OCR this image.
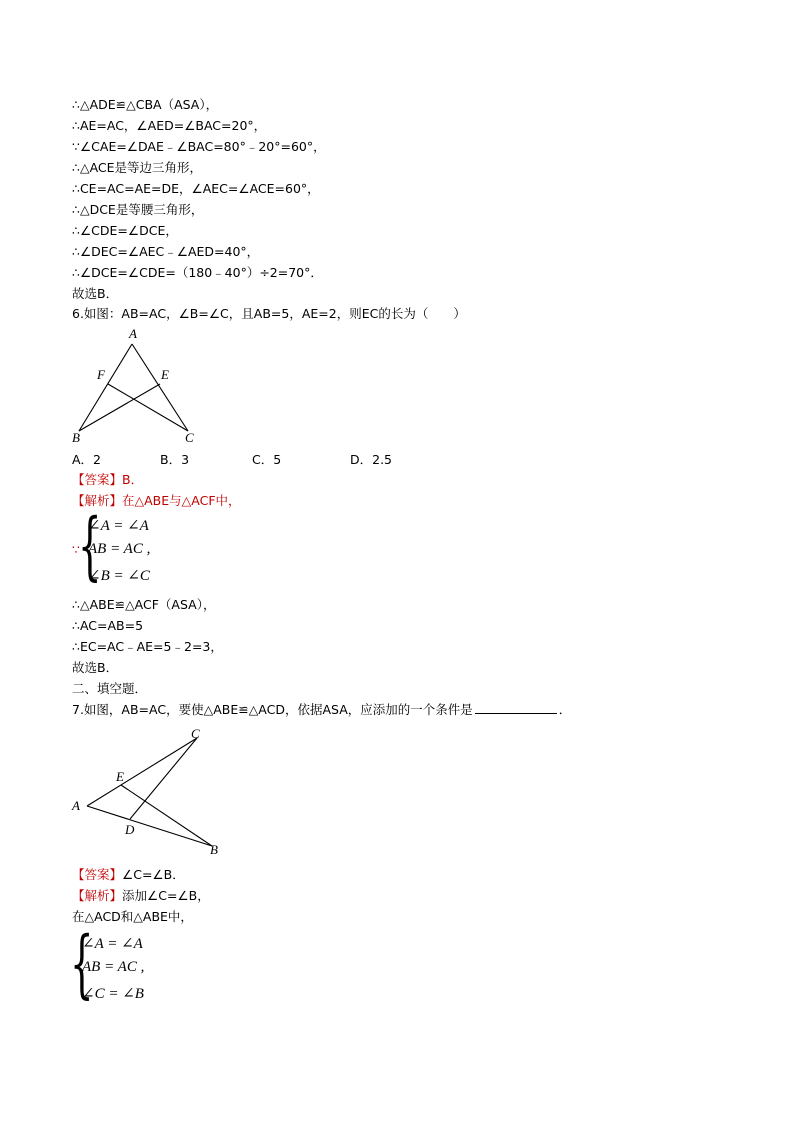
∴△ADE≌△CBA（ASA），
∴AE=AC，∠AED=∠BAC=20°，
∵∠CAE=∠DAE﹣∠BAC=80°﹣20°=60°，
∴△ACE是等边三角形，
∴CE=AC=AE=DE，∠AEC=∠ACE=60°，
∴△DCE是等腰三角形，
∴∠CDE=∠DCE，
∴∠DEC=∠AEC﹣∠AED=40°，
∴∠DCE=∠CDE=（180﹣40°）÷2=70°．
故选B．
6.如图：AB=AC，∠B=∠C，且AB=5，AE=2，则EC的长为（　　）
A
B	C
E
F
A．2	B．3	C．5	D．2.5
【答案】B．
【解析】在△ABE与△ACF中，
∵
{
∠A = ∠A
AB = AC ,
∠B = ∠C
∴△ABE≌△ACF（ASA），
∴AC=AB=5
∴EC=AC﹣AE=5﹣2=3，
故选B．
二、填空题．
7.如图，AB=AC，要使△ABE≌△ACD，依据ASA，应添加的一个条件是	．
C
E
A
D
B
【答案】∠C=∠B．
【解析】添加∠C=∠B，
在△ACD和△ABE中，
{
∠A = ∠A
AB = AC ,
∠C = ∠B
